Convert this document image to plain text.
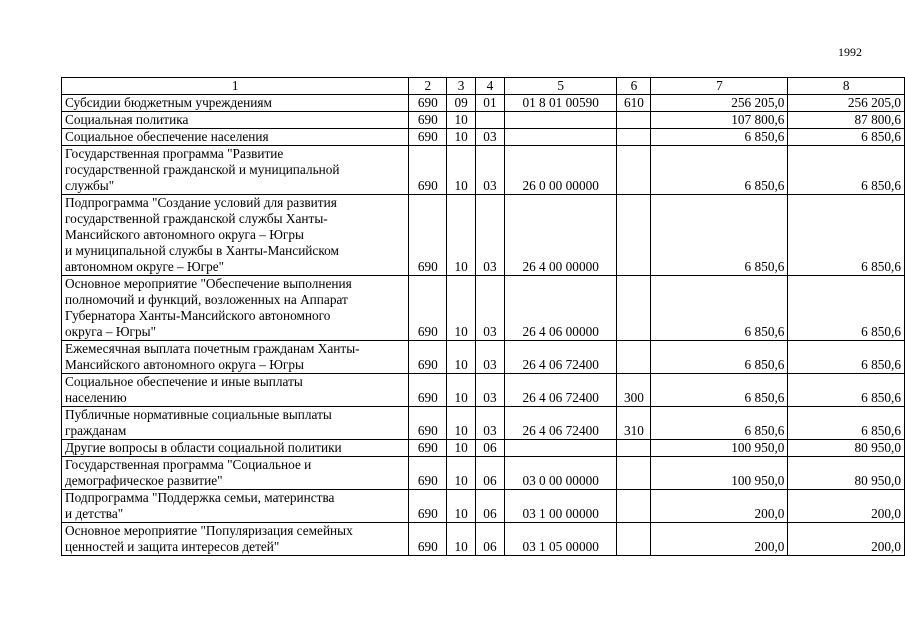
1992
1	2	3	4	5	6	7	8

Субсидии бюджетным учреждениям	690	09	01	01 8 01 00590	610	256 205,0	256 205,0

Социальная политика	690	10				107 800,6	87 800,6

Социальное обеспечение населения	690	10	03			6 850,6	6 850,6

Государственная программа "Развитие
государственной гражданской и муниципальной
службы"	690	10	03	26 0 00 00000		6 850,6	6 850,6

Подпрограмма "Создание условий для развития
государственной гражданской службы Ханты-
Мансийского автономного округа – Югры
и муниципальной службы в Ханты-Мансийском
автономном округе – Югре"	690	10	03	26 4 00 00000		6 850,6	6 850,6

Основное мероприятие "Обеспечение выполнения
полномочий и функций, возложенных на Аппарат
Губернатора Ханты-Мансийского автономного
округа – Югры"	690	10	03	26 4 06 00000		6 850,6	6 850,6

Ежемесячная выплата почетным гражданам Ханты-
Мансийского автономного округа – Югры	690	10	03	26 4 06 72400		6 850,6	6 850,6

Социальное обеспечение и иные выплаты
населению	690	10	03	26 4 06 72400	300	6 850,6	6 850,6

Публичные нормативные социальные выплаты
гражданам	690	10	03	26 4 06 72400	310	6 850,6	6 850,6

Другие вопросы в области социальной политики	690	10	06			100 950,0	80 950,0

Государственная программа "Социальное и
демографическое развитие"	690	10	06	03 0 00 00000		100 950,0	80 950,0

Подпрограмма "Поддержка семьи, материнства
и детства"	690	10	06	03 1 00 00000		200,0	200,0

Основное мероприятие "Популяризация семейных
ценностей и защита интересов детей"	690	10	06	03 1 05 00000		200,0	200,0
